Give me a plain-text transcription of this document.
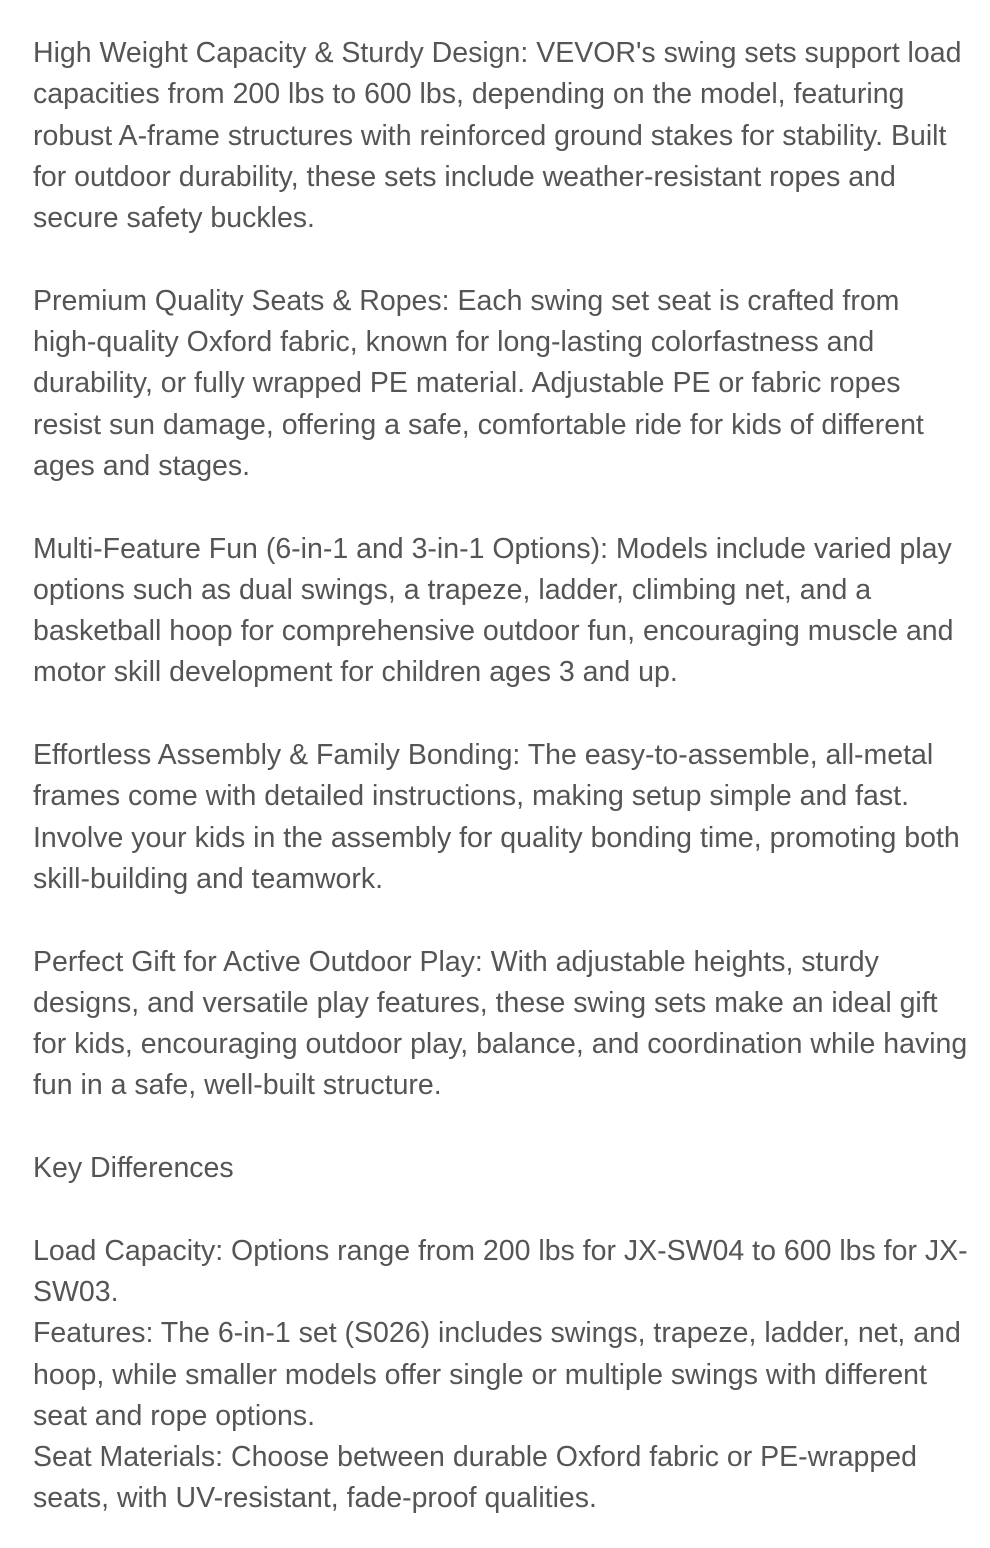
High Weight Capacity & Sturdy Design: VEVOR's swing sets support load capacities from 200 lbs to 600 lbs, depending on the model, featuring robust A-frame structures with reinforced ground stakes for stability. Built for outdoor durability, these sets include weather-resistant ropes and secure safety buckles.

Premium Quality Seats & Ropes: Each swing set seat is crafted from high-quality Oxford fabric, known for long-lasting colorfastness and durability, or fully wrapped PE material. Adjustable PE or fabric ropes resist sun damage, offering a safe, comfortable ride for kids of different ages and stages.

Multi-Feature Fun (6-in-1 and 3-in-1 Options): Models include varied play options such as dual swings, a trapeze, ladder, climbing net, and a basketball hoop for comprehensive outdoor fun, encouraging muscle and motor skill development for children ages 3 and up.

Effortless Assembly & Family Bonding: The easy-to-assemble, all-metal frames come with detailed instructions, making setup simple and fast. Involve your kids in the assembly for quality bonding time, promoting both skill-building and teamwork.

Perfect Gift for Active Outdoor Play: With adjustable heights, sturdy designs, and versatile play features, these swing sets make an ideal gift for kids, encouraging outdoor play, balance, and coordination while having fun in a safe, well-built structure.

Key Differences

Load Capacity: Options range from 200 lbs for JX-SW04 to 600 lbs for JX-SW03.

Features: The 6-in-1 set (S026) includes swings, trapeze, ladder, net, and hoop, while smaller models offer single or multiple swings with different seat and rope options.

Seat Materials: Choose between durable Oxford fabric or PE-wrapped seats, with UV-resistant, fade-proof qualities.
